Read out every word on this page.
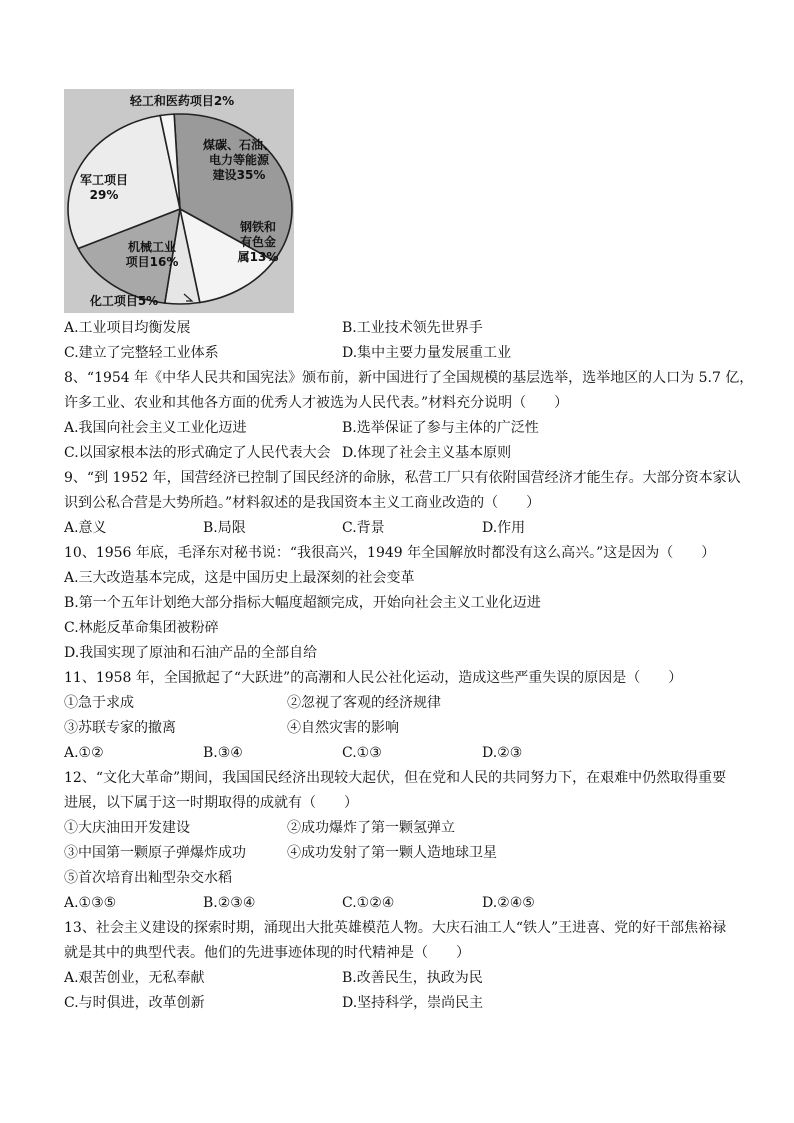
煤碳、石油、电力等能源建设35%
钢铁和有色金属13%
化工项目5%
机械工业项目16%
军工项目 29%
轻工和医药项目2%
A.工业项目均衡发展	B.工业技术领先世界手
C.建立了完整轻工业体系	D.集中主要力量发展重工业
8、“1954 年《中华人民共和国宪法》颁布前，新中国进行了全国规模的基层选举，选举地区的人口为 5.7 亿，
许多工业、农业和其他各方面的优秀人才被选为人民代表。”材料充分说明（　　）
A.我国向社会主义工业化迈进	B.选举保证了参与主体的广泛性
C.以国家根本法的形式确定了人民代表大会 D.体现了社会主义基本原则
9、“到 1952 年，国营经济已控制了国民经济的命脉，私营工厂只有依附国营经济才能生存。大部分资本家认
识到公私合营是大势所趋。”材料叙述的是我国资本主义工商业改造的（　　）
A.意义	B.局限	C.背景	D.作用
10、1956 年底，毛泽东对秘书说：“我很高兴，1949 年全国解放时都没有这么高兴。”这是因为（　　）
A.三大改造基本完成，这是中国历史上最深刻的社会变革
B.第一个五年计划绝大部分指标大幅度超额完成，开始向社会主义工业化迈进
C.林彪反革命集团被粉碎
D.我国实现了原油和石油产品的全部自给
11、1958 年，全国掀起了“大跃进”的高潮和人民公社化运动，造成这些严重失误的原因是（　　）
①急于求成	②忽视了客观的经济规律
③苏联专家的撤离	④自然灾害的影响
A.①②	B.③④	C.①③	D.②③
12、“文化大革命”期间，我国国民经济出现较大起伏，但在党和人民的共同努力下，在艰难中仍然取得重要
进展，以下属于这一时期取得的成就有（　　）
①大庆油田开发建设	②成功爆炸了第一颗氢弹立
③中国第一颗原子弹爆炸成功	④成功发射了第一颗人造地球卫星
⑤首次培育出籼型杂交水稻
A.①③⑤	B.②③④	C.①②④	D.②④⑤
13、社会主义建设的探索时期，涌现出大批英雄模范人物。大庆石油工人“铁人”王进喜、党的好干部焦裕禄
就是其中的典型代表。他们的先进事迹体现的时代精神是（　　）
A.艰苦创业，无私奉献	B.改善民生，执政为民
C.与时俱进，改革创新	D.坚持科学，崇尚民主
